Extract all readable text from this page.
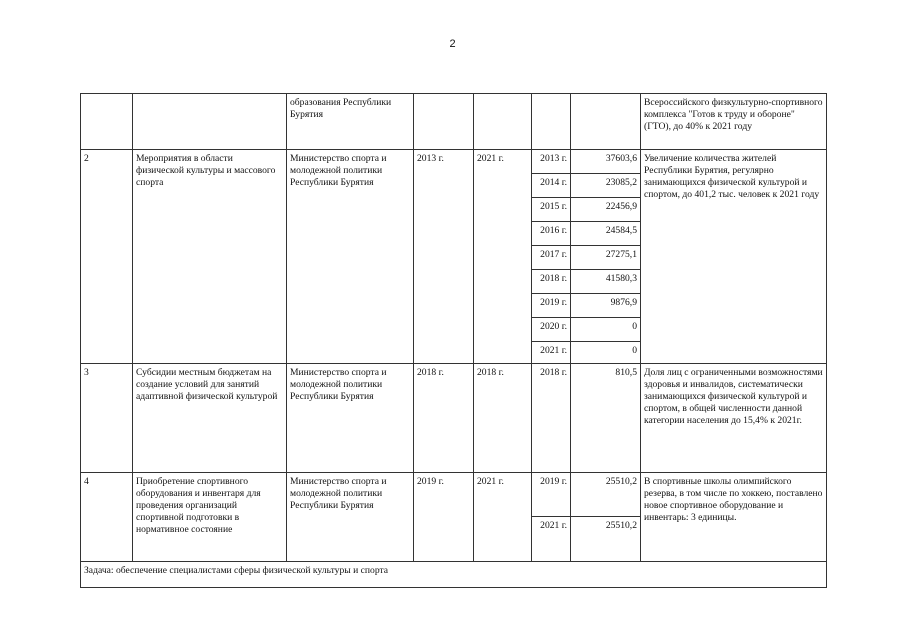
2
		образования Республики Бурятия					Всероссийского физкультурно-спортивного комплекса "Готов к труду и обороне" (ГТО), до 40% к 2021 году
2	Мероприятия в области физической культуры и массового спорта	Министерство спорта и молодежной политики Республики Бурятия	2013 г.	2021 г.	2013 г.	37603,6	Увеличение количества жителей Республики Бурятия, регулярно занимающихся физической культурой и спортом, до 401,2 тыс. человек к 2021 году
					2014 г.	23085,2	
					2015 г.	22456,9	
					2016 г.	24584,5	
					2017 г.	27275,1	
					2018 г.	41580,3	
					2019 г.	9876,9	
					2020 г.	0	
					2021 г.	0	
3	Субсидии местным бюджетам на создание условий для занятий адаптивной физической культурой	Министерство спорта и молодежной политики Республики Бурятия	2018 г.	2018 г.	2018 г.	810,5	Доля лиц с ограниченными возможностями здоровья и инвалидов, систематически занимающихся физической культурой и спортом, в общей численности данной категории населения до 15,4% к 2021г.
4	Приобретение спортивного оборудования и инвентаря для проведения организаций спортивной подготовки в нормативное состояние	Министерство спорта и молодежной политики Республики Бурятия	2019 г.	2021 г.	2019 г.	25510,2	В спортивные школы олимпийского резерва, в том числе по хоккею, поставлено новое спортивное оборудование и инвентарь: 3 единицы.
					2021 г.	25510,2	
Задача: обеспечение специалистами сферы физической культуры и спорта							
